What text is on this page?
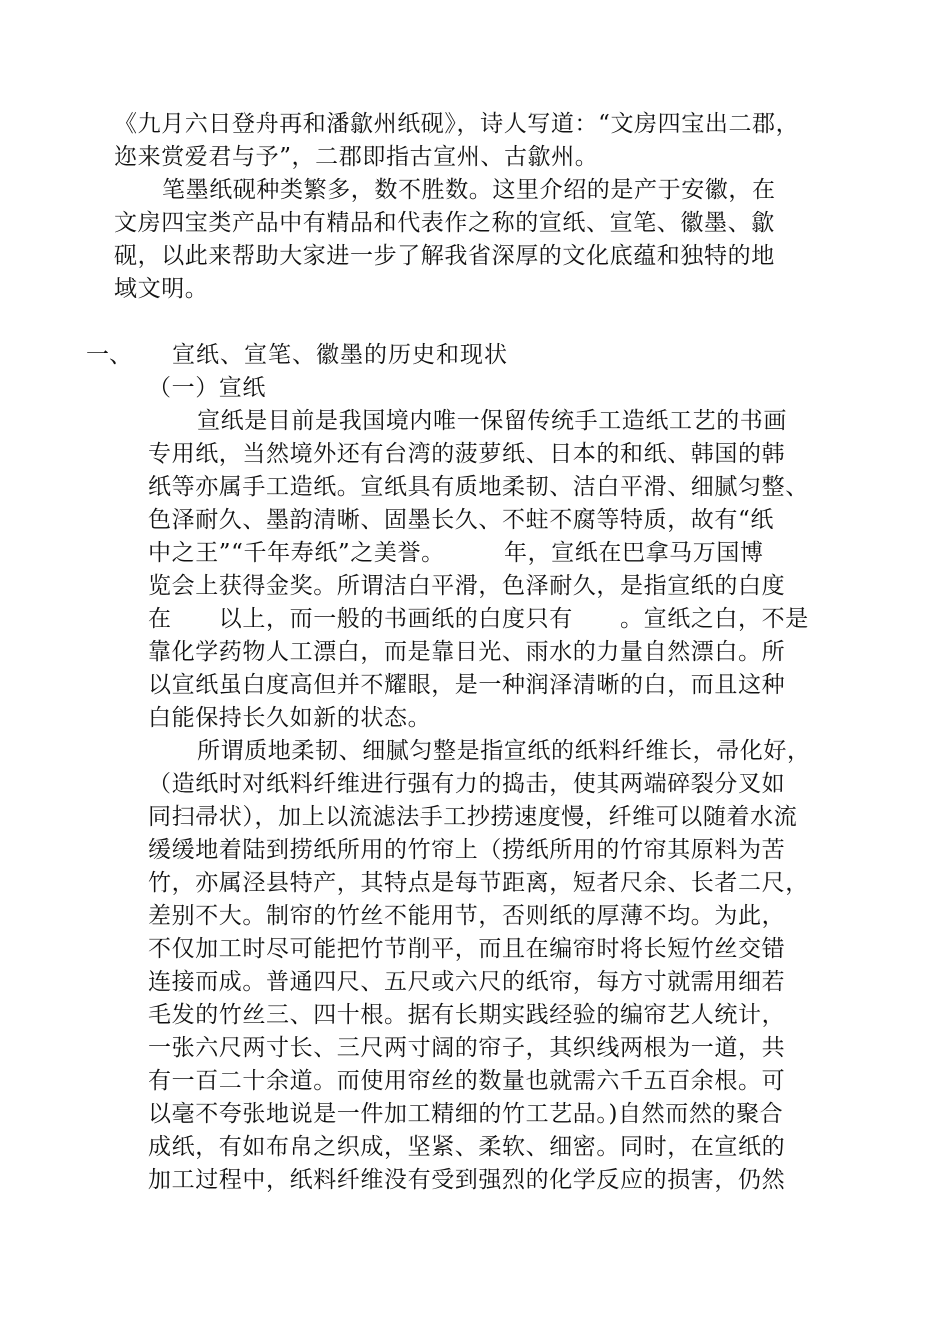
《九月六日登舟再和潘歙州纸砚》，诗人写道：“文房四宝出二郡，
迩来赏爱君与予”，二郡即指古宣州、古歙州。
笔墨纸砚种类繁多，数不胜数。这里介绍的是产于安徽，在
文房四宝类产品中有精品和代表作之称的宣纸、宣笔、徽墨、歙
砚，以此来帮助大家进一步了解我省深厚的文化底蕴和独特的地
域文明。
一、 宣纸、宣笔、徽墨的历史和现状
（一）宣纸
宣纸是目前是我国境内唯一保留传统手工造纸工艺的书画
专用纸，当然境外还有台湾的菠萝纸、日本的和纸、韩国的韩
纸等亦属手工造纸。宣纸具有质地柔韧、洁白平滑、细腻匀整、
色泽耐久、墨韵清晰、固墨长久、不蛀不腐等特质，故有“纸
中之王”“千年寿纸”之美誉。　　　年，宣纸在巴拿马万国博
览会上获得金奖。所谓洁白平滑，色泽耐久，是指宣纸的白度
在　　以上，而一般的书画纸的白度只有　　。宣纸之白，不是
靠化学药物人工漂白，而是靠日光、雨水的力量自然漂白。所
以宣纸虽白度高但并不耀眼，是一种润泽清晰的白，而且这种
白能保持长久如新的状态。
所谓质地柔韧、细腻匀整是指宣纸的纸料纤维长，帚化好，
（造纸时对纸料纤维进行强有力的捣击，使其两端碎裂分叉如
同扫帚状），加上以流滤法手工抄捞速度慢，纤维可以随着水流
缓缓地着陆到捞纸所用的竹帘上（捞纸所用的竹帘其原料为苦
竹，亦属泾县特产，其特点是每节距离，短者尺余、长者二尺，
差别不大。制帘的竹丝不能用节，否则纸的厚薄不均。为此，
不仅加工时尽可能把竹节削平，而且在编帘时将长短竹丝交错
连接而成。普通四尺、五尺或六尺的纸帘，每方寸就需用细若
毛发的竹丝三、四十根。据有长期实践经验的编帘艺人统计，
一张六尺两寸长、三尺两寸阔的帘子，其织线两根为一道，共
有一百二十余道。而使用帘丝的数量也就需六千五百余根。可
以毫不夸张地说是一件加工精细的竹工艺品。)自然而然的聚合
成纸，有如布帛之织成，坚紧、柔软、细密。同时，在宣纸的
加工过程中，纸料纤维没有受到强烈的化学反应的损害，仍然
